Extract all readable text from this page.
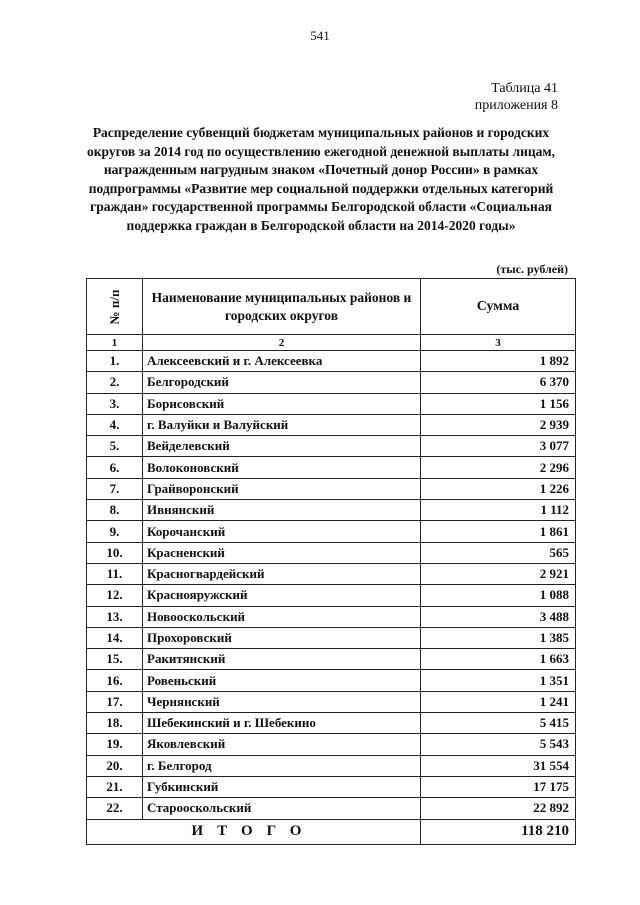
541
Таблица 41
приложения 8
Распределение субвенций бюджетам муниципальных районов и городских округов за 2014 год по осуществлению ежегодной денежной выплаты лицам, награжденным нагрудным знаком «Почетный донор России» в рамках подпрограммы «Развитие мер социальной поддержки отдельных категорий граждан» государственной программы Белгородской области «Социальная поддержка граждан в Белгородской области на 2014-2020 годы»
(тыс. рублей)
№ п/п	Наименование муниципальных районов и городских округов	Сумма
1	2	3
1.	Алексеевский и г. Алексеевка	1 892
2.	Белгородский	6 370
3.	Борисовский	1 156
4.	г. Валуйки и Валуйский	2 939
5.	Вейделевский	3 077
6.	Волоконовский	2 296
7.	Грайворонский	1 226
8.	Ивнянский	1 112
9.	Корочанский	1 861
10.	Красненский	565
11.	Красногвардейский	2 921
12.	Краснояружский	1 088
13.	Новооскольский	3 488
14.	Прохоровский	1 385
15.	Ракитянский	1 663
16.	Ровеньский	1 351
17.	Чернянский	1 241
18.	Шебекинский и г. Шебекино	5 415
19.	Яковлевский	5 543
20.	г. Белгород	31 554
21.	Губкинский	17 175
22.	Старооскольский	22 892
ИТОГО		118 210
